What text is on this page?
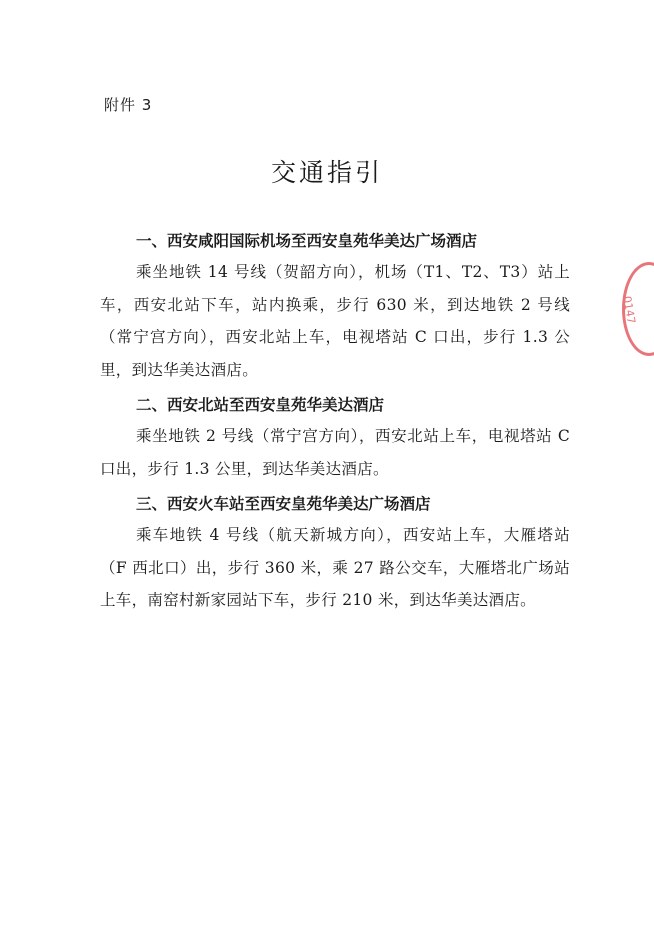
附件 3
交通指引

一、西安咸阳国际机场至西安皇苑华美达广场酒店

乘坐地铁 14 号线（贺韶方向），机场（T1、T2、T3）站上车，西安北站下车，站内换乘，步行 630 米，到达地铁 2 号线（常宁宫方向），西安北站上车，电视塔站 C 口出，步行 1.3 公里，到达华美达酒店。

二、西安北站至西安皇苑华美达酒店

乘坐地铁 2 号线（常宁宫方向），西安北站上车，电视塔站 C 口出，步行 1.3 公里，到达华美达酒店。

三、西安火车站至西安皇苑华美达广场酒店

乘车地铁 4 号线（航天新城方向），西安站上车，大雁塔站（F 西北口）出，步行 360 米，乘 27 路公交车，大雁塔北广场站上车，南窑村新家园站下车，步行 210 米，到达华美达酒店。

0147
